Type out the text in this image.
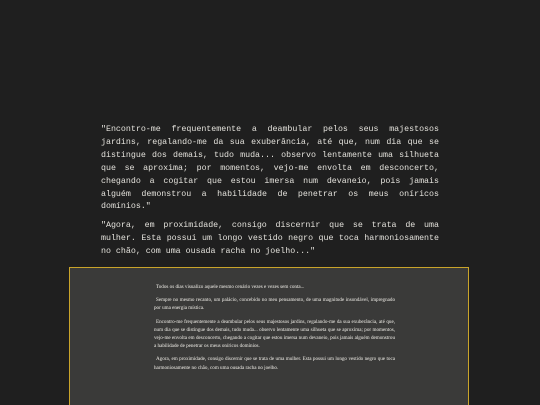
"Encontro-me frequentemente a deambular pelos seus majestosos jardins, regalando-me da sua exuberância, até que, num dia que se distingue dos demais, tudo muda... observo lentamente uma silhueta que se aproxima; por momentos, vejo-me envolta em desconcerto, chegando a cogitar que estou imersa num devaneio, pois jamais alguém demonstrou a habilidade de penetrar os meus oníricos domínios."

"Agora, em proximidade, consigo discernir que se trata de uma mulher. Esta possui um longo vestido negro que toca harmoniosamente no chão, com uma ousada racha no joelho..."

Todos os dias visualizo aquele mesmo cenário vezes e vezes sem conta...

Sempre no mesmo recanto, um palácio, concebido no meu pensamento, de uma magnitude insondável, impregnado por uma energia mística.

Encontro-me frequentemente a deambular pelos seus majestosos jardins, regalando-me da sua exuberância, até que, num dia que se distingue dos demais, tudo muda... observo lentamente uma silhueta que se aproxima; por momentos, vejo-me envolta em desconcerto, chegando a cogitar que estou imersa num devaneio, pois jamais alguém demonstrou a habilidade de penetrar os meus oníricos domínios.

Agora, em proximidade, consigo discernir que se trata de uma mulher. Esta possui um longo vestido negro que toca harmoniosamente no chão, com uma ousada racha no joelho.
